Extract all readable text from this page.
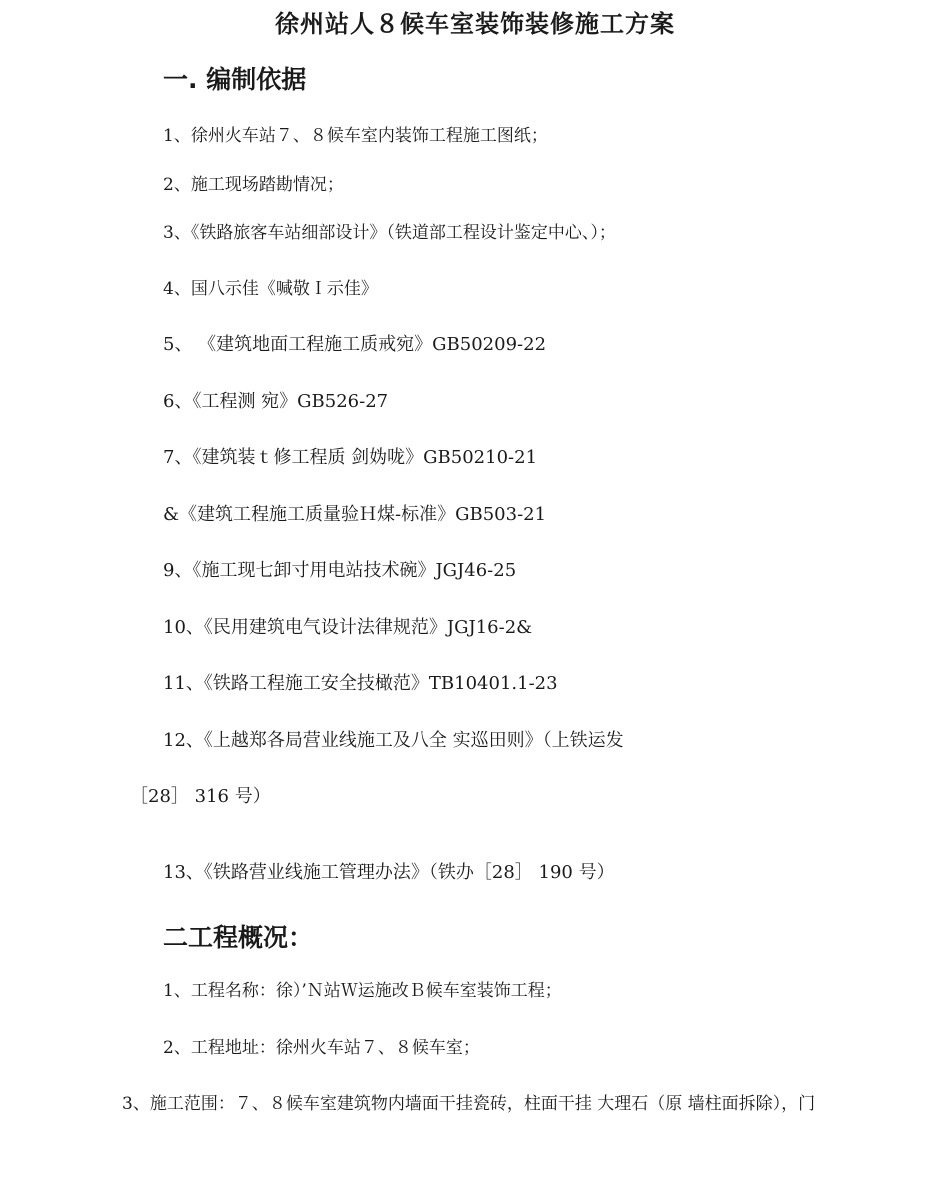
徐州站人８候车室装饰装修施工方案
一. 编制依据

1、徐州火车站７、８候车室内装饰工程施工图纸；

2、施工现场踏勘情况；

3、《铁路旅客车站细部设计》（铁道部工程设计鉴定中心、）；

4、国八示佳《喊敬Ｉ示佳》

5、 《建筑地面工程施工质戒宛》GB50209-22

6、《工程测 宛》GB526-27

7、《建筑装ｔ修工程质 剑妫咙》GB50210-21

&《建筑工程施工质量验Ｈ煤-标准》GB503-21

9、《施工现七卸寸用电站技术碗》JGJ46-25

10、《民用建筑电气设计法律规范》JGJ16-2&

11、《铁路工程施工安全技橄范》TB10401.1-23

12、《上越郑各局营业线施工及八全 实巡田则》（上铁运发

［28］ 316 号）

13、《铁路营业线施工管理办法》（铁办［28］ 190 号）

二工程概况：

1、工程名称：徐）’Ｎ站Ｗ运施改Ｂ候车室装饰工程；

2、工程地址：徐州火车站７、８候车室；

3、施工范围：７、８候车室建筑物内墙面干挂瓷砖，柱面干挂 大理石（原 墙柱面拆除），门
